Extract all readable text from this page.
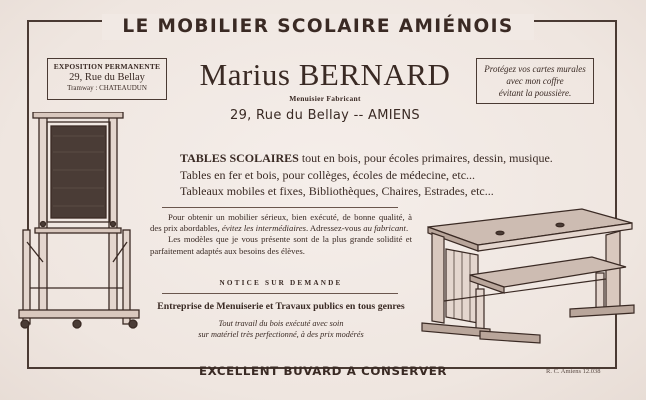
LE MOBILIER SCOLAIRE AMIÉNOIS
EXPOSITION PERMANENTE
29, Rue du Bellay
Tramway : CHATEAUDUN	Marius BERNARD
Menuisier Fabricant
29, Rue du Bellay -- AMIENS
Protégez vos cartes murales
avec mon coffre
évitant la poussière.
TABLES SCOLAIRES tout en bois, pour écoles primaires, dessin, musique.
Tables en fer et bois, pour collèges, écoles de médecine, etc...
Tableaux mobiles et fixes, Bibliothèques, Chaires, Estrades, etc...

Pour obtenir un mobilier sérieux, bien exécuté, de bonne qualité, à des prix abordables, évitez les intermédiaires. Adressez-vous au fabricant.

Les modèles que je vous présente sont de la plus grande solidité et parfaitement adaptés aux besoins des élèves.

NOTICE SUR DEMANDE
Entreprise de Menuiserie et Travaux publics en tous genres
Tout travail du bois exécuté avec soin
sur matériel très perfectionné, à des prix modérés
EXCELLENT BUVARD A CONSERVER	R. C. Amiens 12.038
